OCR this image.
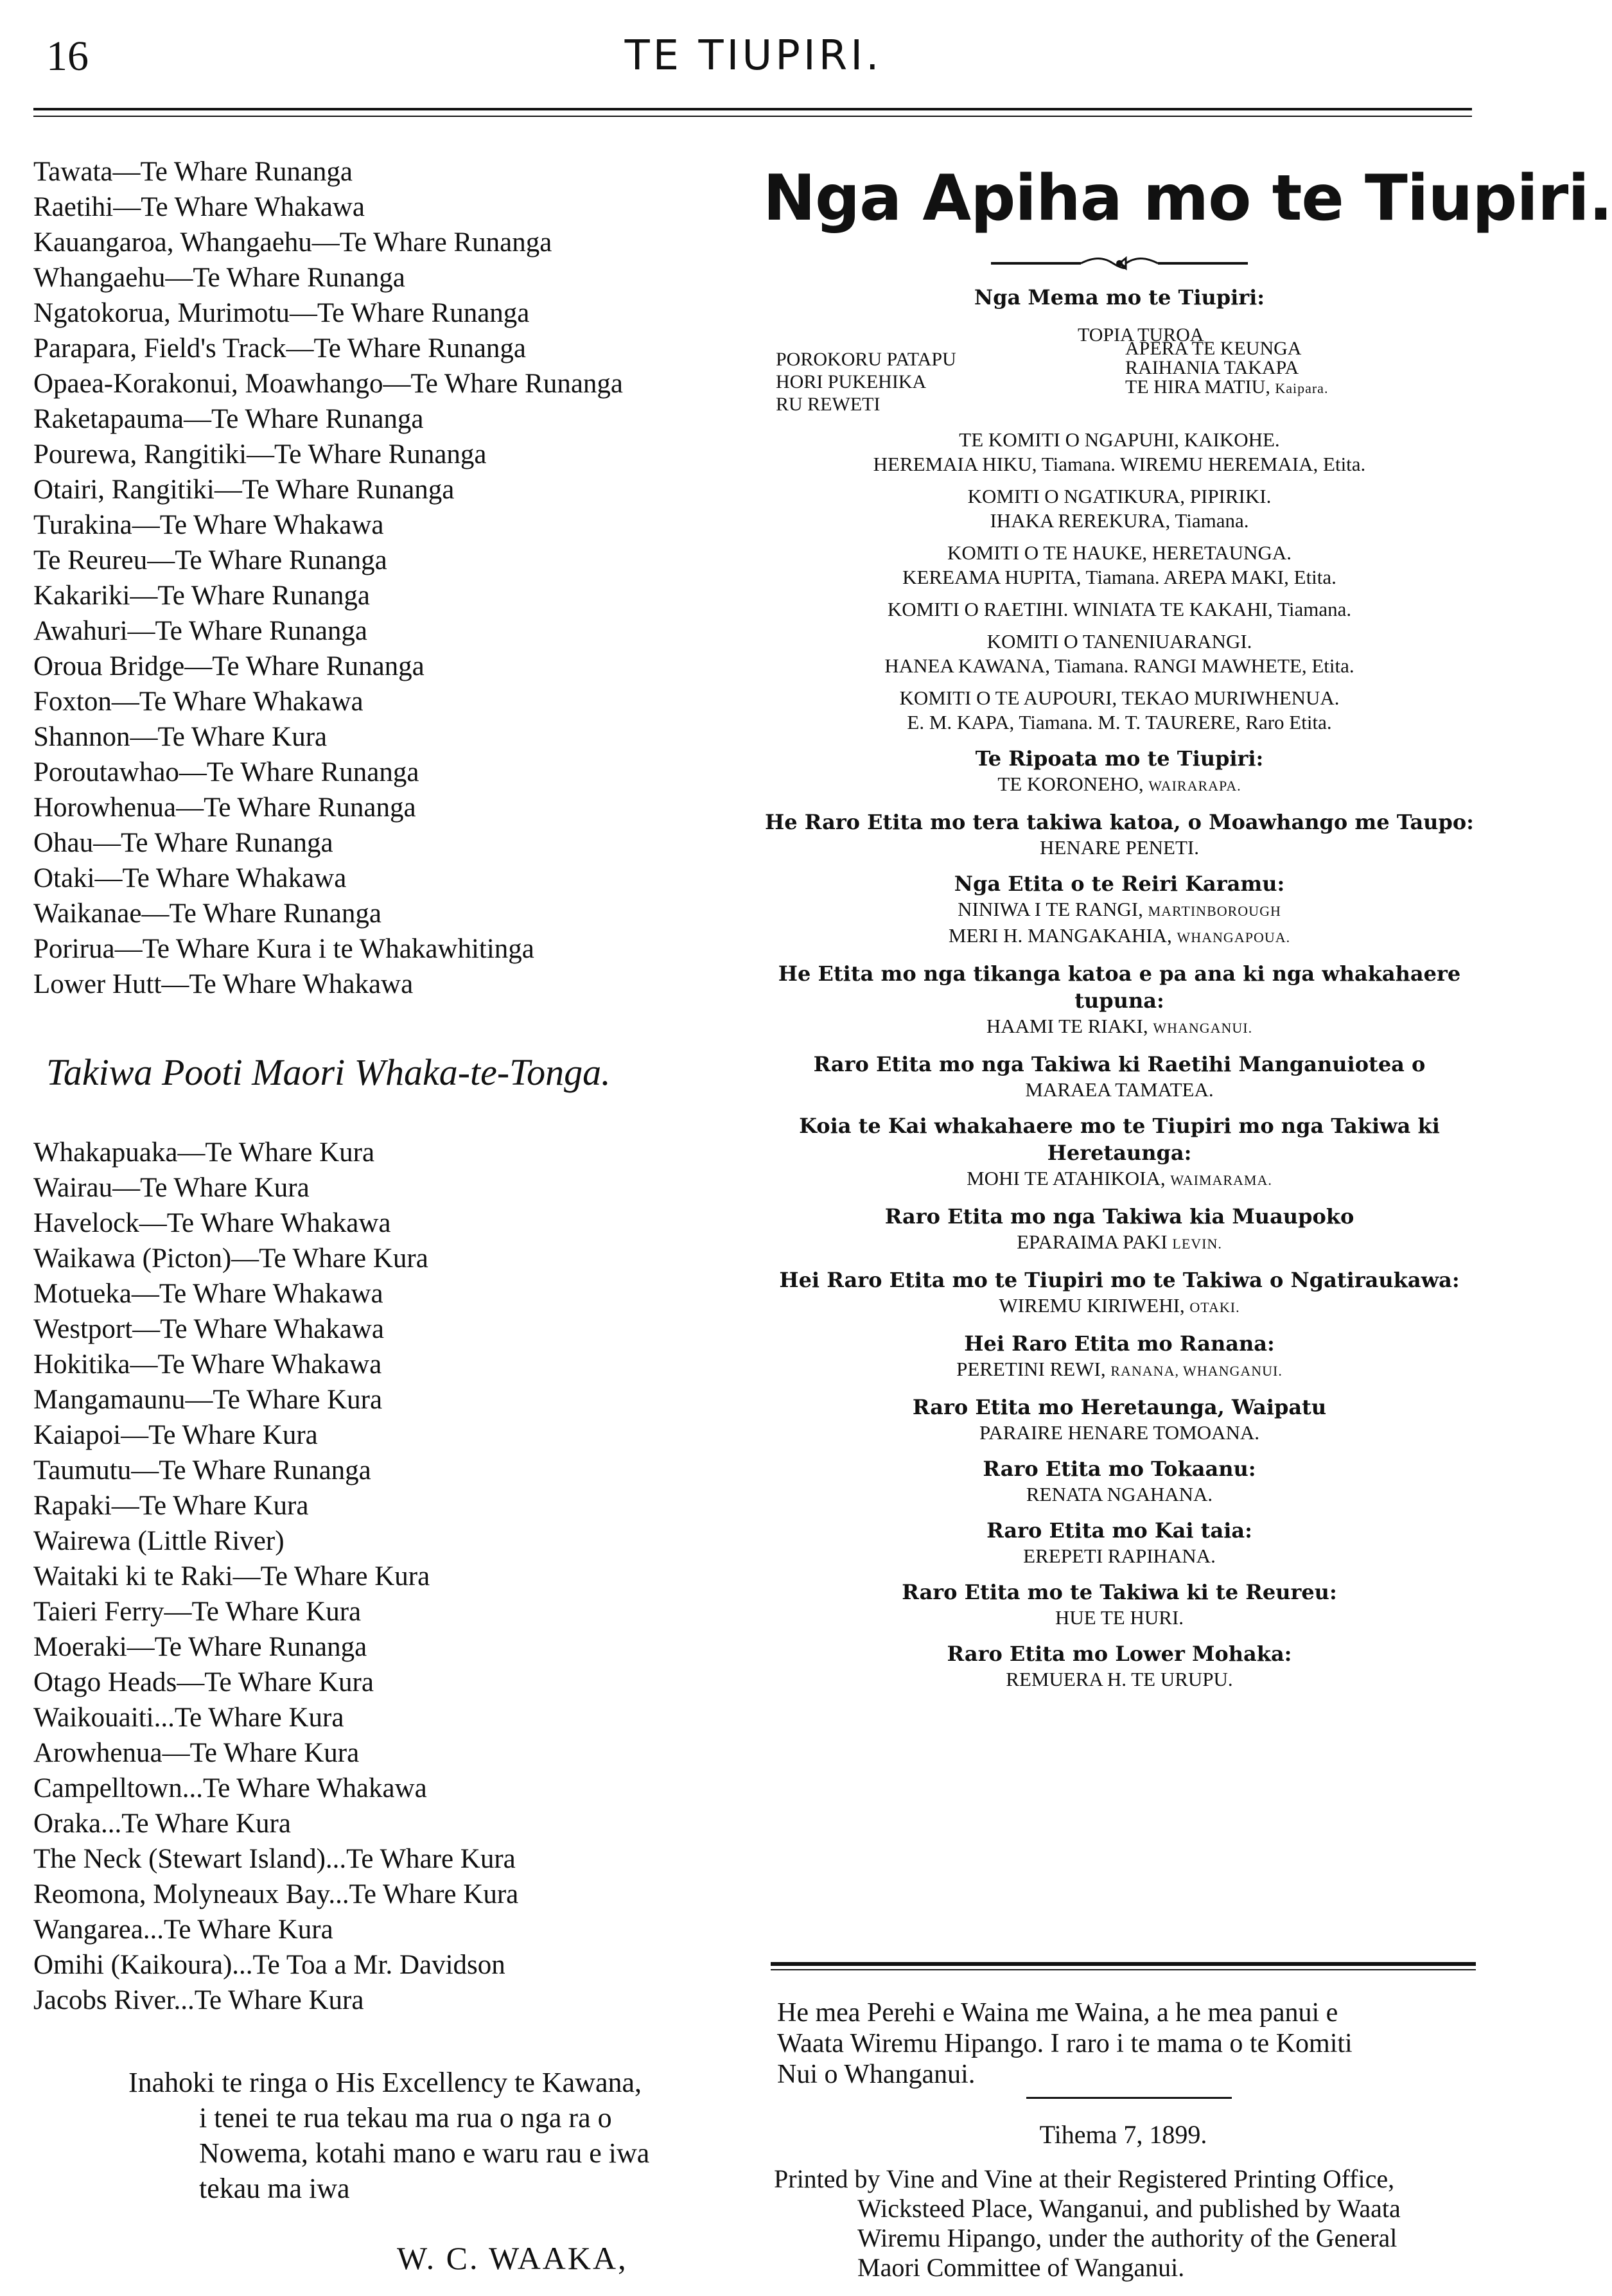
16	TE TIUPIRI.
Tawata—Te Whare Runanga
Raetihi—Te Whare Whakawa
Kauangaroa, Whangaehu—Te Whare Runanga
Whangaehu—Te Whare Runanga
Ngatokorua, Murimotu—Te Whare Runanga
Parapara, Field's Track—Te Whare Runanga
Opaea-Korakonui, Moawhango—Te Whare Runanga
Raketapauma—Te Whare Runanga
Pourewa, Rangitiki—Te Whare Runanga
Otairi, Rangitiki—Te Whare Runanga
Turakina—Te Whare Whakawa
Te Reureu—Te Whare Runanga
Kakariki—Te Whare Runanga
Awahuri—Te Whare Runanga
Oroua Bridge—Te Whare Runanga
Foxton—Te Whare Whakawa
Shannon—Te Whare Kura
Poroutawhao—Te Whare Runanga
Horowhenua—Te Whare Runanga
Ohau—Te Whare Runanga
Otaki—Te Whare Whakawa
Waikanae—Te Whare Runanga
Porirua—Te Whare Kura i te Whakawhitinga
Lower Hutt—Te Whare Whakawa
Takiwa Pooti Maori Whaka-te-Tonga.
Whakapuaka—Te Whare Kura
Wairau—Te Whare Kura
Havelock—Te Whare Whakawa
Waikawa (Picton)—Te Whare Kura
Motueka—Te Whare Whakawa
Westport—Te Whare Whakawa
Hokitika—Te Whare Whakawa
Mangamaunu—Te Whare Kura
Kaiapoi—Te Whare Kura
Taumutu—Te Whare Runanga
Rapaki—Te Whare Kura
Wairewa (Little River)
Waitaki ki te Raki—Te Whare Kura
Taieri Ferry—Te Whare Kura
Moeraki—Te Whare Runanga
Otago Heads—Te Whare Kura
Waikouaiti...Te Whare Kura
Arowhenua—Te Whare Kura
Campelltown...Te Whare Whakawa
Oraka...Te Whare Kura
The Neck (Stewart Island)...Te Whare Kura
Reomona, Molyneaux Bay...Te Whare Kura
Wangarea...Te Whare Kura
Omihi (Kaikoura)...Te Toa a Mr. Davidson
Jacobs River...Te Whare Kura
Inahoki te ringa o His Excellency te Kawana,
i tenei te rua tekau ma rua o nga ra o
Nowema, kotahi mano e waru rau e iwa
tekau ma iwa
W. C. WAAKA,
Nga Apiha mo te Tiupiri.
Nga Mema mo te Tiupiri:
POROKORU PATAPU
HORI PUKEHIKA
RU REWETI
TOPIA TUROA
APERA TE KEUNGA
RAIHANIA TAKAPA
TE HIRA MATIU, Kaipara.
TE KOMITI O NGAPUHI, KAIKOHE.
HEREMAIA HIKU, Tiamana. WIREMU HEREMAIA, Etita.
KOMITI O NGATIKURA, PIPIRIKI.
IHAKA REREKURA, Tiamana.
KOMITI O TE HAUKE, HERETAUNGA.
KEREAMA HUPITA, Tiamana. AREPA MAKI, Etita.
KOMITI O RAETIHI. WINIATA TE KAKAHI, Tiamana.
KOMITI O TANENIUARANGI.
HANEA KAWANA, Tiamana. RANGI MAWHETE, Etita.
KOMITI O TE AUPOURI, TEKAO MURIWHENUA.
E. M. KAPA, Tiamana. M. T. TAURERE, Raro Etita.
Te Ripoata mo te Tiupiri:
TE KORONEHO, WAIRARAPA.
He Raro Etita mo tera takiwa katoa, o Moawhango me Taupo:
HENARE PENETI.
Nga Etita o te Reiri Karamu:
NINIWA I TE RANGI, MARTINBOROUGH
MERI H. MANGAKAHIA, WHANGAPOUA.
He Etita mo nga tikanga katoa e pa ana ki nga whakahaere tupuna:
HAAMI TE RIAKI, WHANGANUI.
Raro Etita mo nga Takiwa ki Raetihi Manganuiotea o
MARAEA TAMATEA.
Koia te Kai whakahaere mo te Tiupiri mo nga Takiwa ki Heretaunga:
MOHI TE ATAHIKOIA, WAIMARAMA.
Raro Etita mo nga Takiwa kia Muaupoko
EPARAIMA PAKI LEVIN.
Hei Raro Etita mo te Tiupiri mo te Takiwa o Ngatiraukawa:
WIREMU KIRIWEHI, OTAKI.
Hei Raro Etita mo Ranana:
PERETINI REWI, RANANA, WHANGANUI.
Raro Etita mo Heretaunga, Waipatu
PARAIRE HENARE TOMOANA.
Raro Etita mo Tokaanu:
RENATA NGAHANA.
Raro Etita mo Kai taia:
EREPETI RAPIHANA.
Raro Etita mo te Takiwa ki te Reureu:
HUE TE HURI.
Raro Etita mo Lower Mohaka:
REMUERA H. TE URUPU.
He mea Perehi e Waina me Waina, a he mea panui e
Waata Wiremu Hipango. I raro i te mama o te Komiti
Nui o Whanganui.
Tihema 7, 1899.
Printed by Vine and Vine at their Registered Printing Office,
Wicksteed Place, Wanganui, and published by Waata
Wiremu Hipango, under the authority of the General
Maori Committee of Wanganui.
